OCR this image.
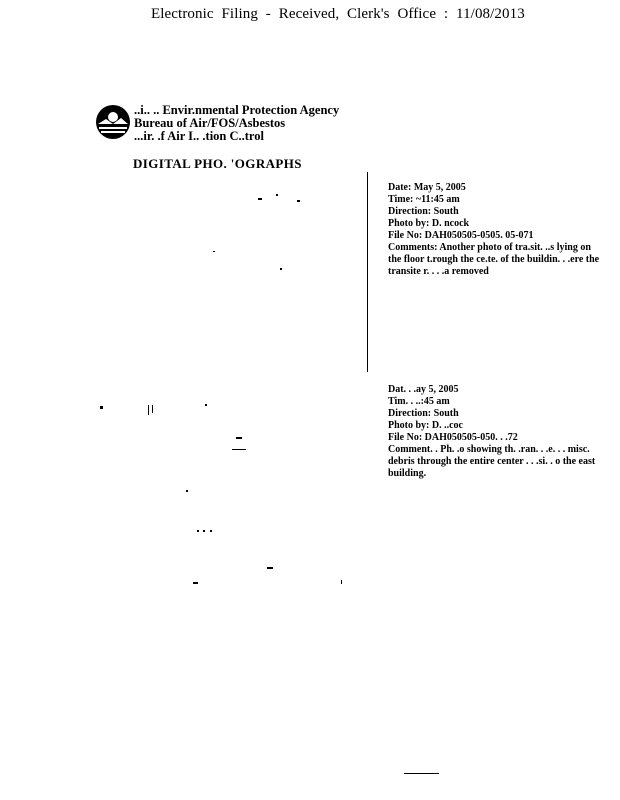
Electronic Filing - Received, Clerk's Office : 11/08/2013
..i.. .. Envir.nmental Protection Agency
Bureau of Air/FOS/Asbestos
...ir. .f Air I.. .tion C..trol
DIGITAL PHO. 'OGRAPHS
Date: May 5, 2005
Time: ~11:45 am
Direction: South
Photo by: D. ncock
File No: DAH050505-0505. 05-071
Comments: Another photo of tra.sit. ..s lying on the floor t.rough the ce.te. of the buildin. . .ere the transite r. . . .a removed
Dat. . .ay 5, 2005
Tim. . ..:45 am
Direction: South
Photo by: D. ..coc
File No: DAH050505-050. . .72
Comment. . Ph. .o showing th. .ran. . .e. . . misc. debris through the entire center . . .si. . o the east building.
